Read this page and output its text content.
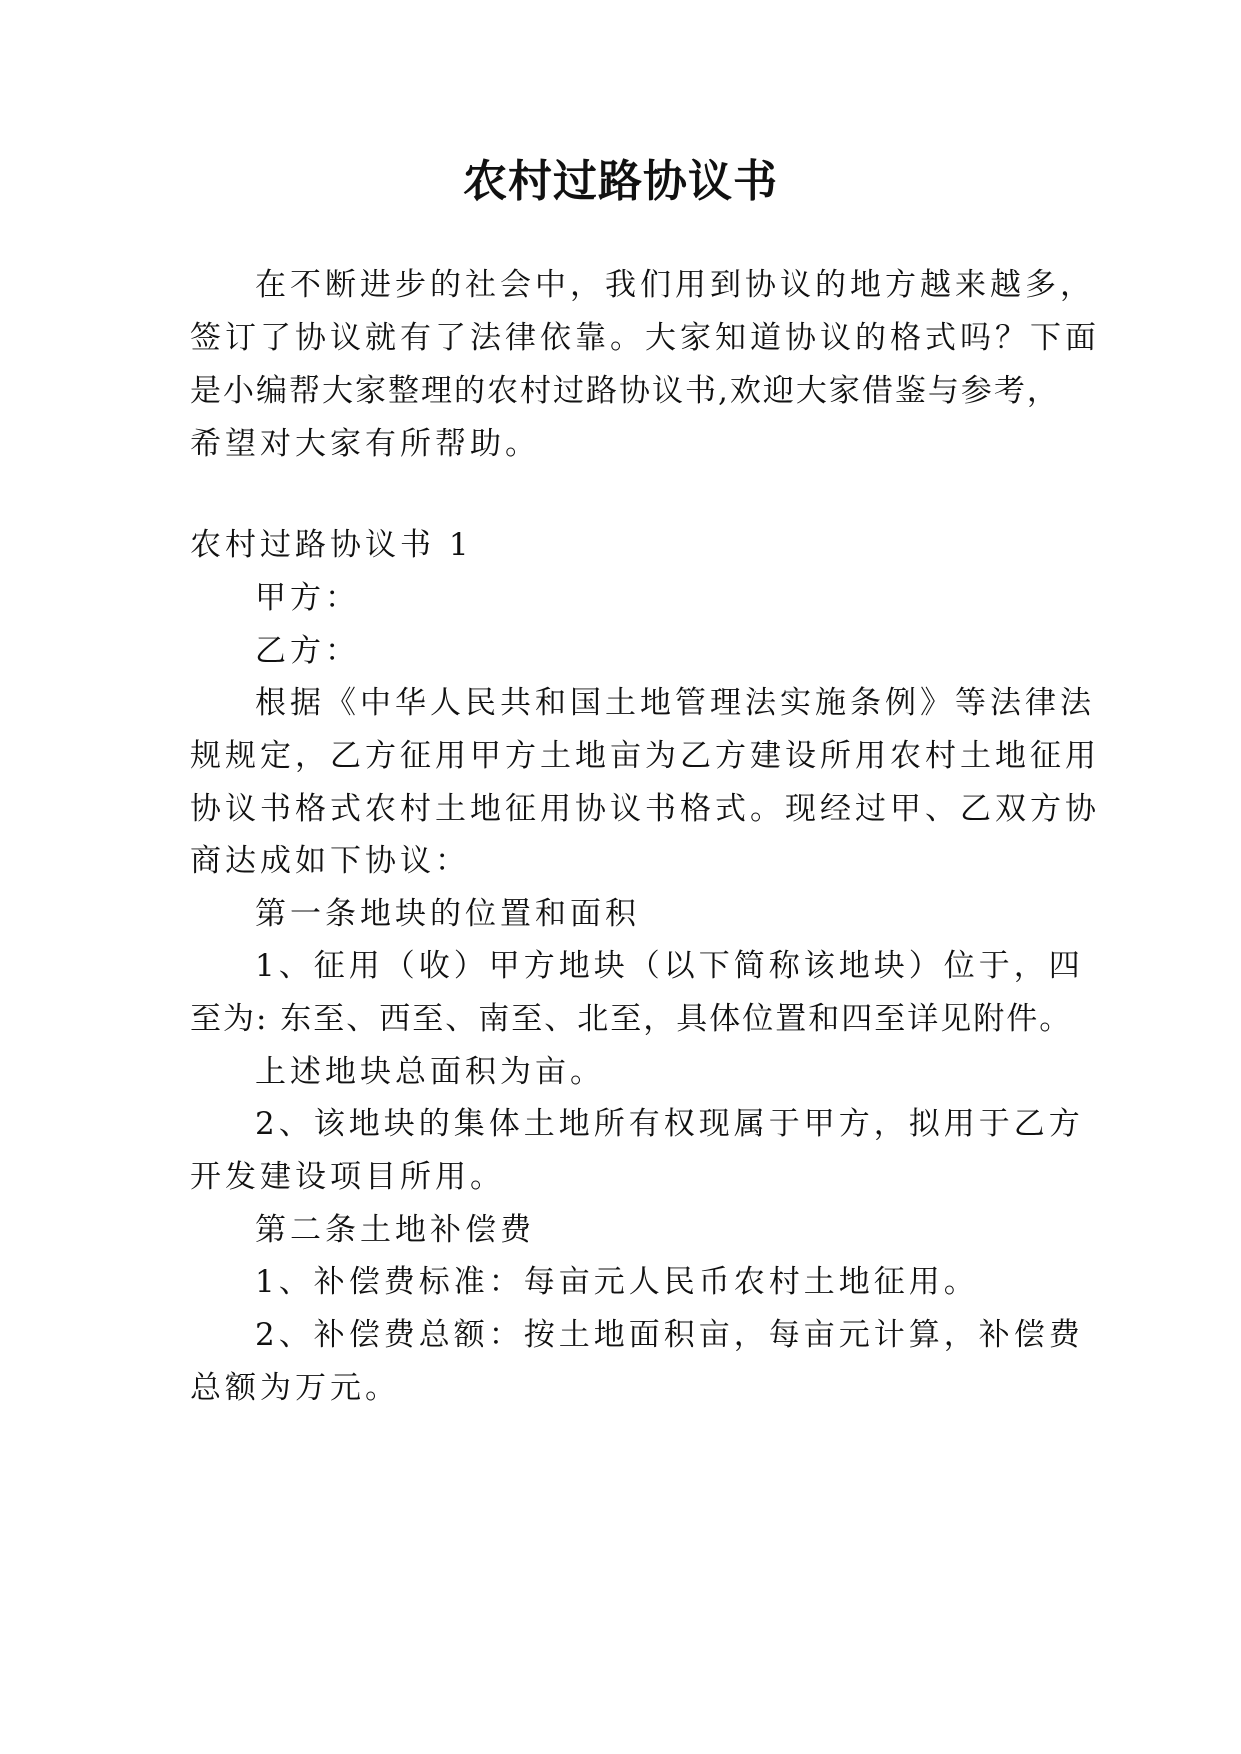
农村过路协议书

在不断进步的社会中，我们用到协议的地方越来越多，

签订了协议就有了法律依靠。大家知道协议的格式吗？下面

是小编帮大家整理的农村过路协议书,欢迎大家借鉴与参考，

希望对大家有所帮助。

农村过路协议书 1

甲方：

乙方：

根据《中华人民共和国土地管理法实施条例》等法律法

规规定，乙方征用甲方土地亩为乙方建设所用农村土地征用

协议书格式农村土地征用协议书格式。现经过甲、乙双方协

商达成如下协议：

第一条地块的位置和面积

1、征用（收）甲方地块（以下简称该地块）位于，四

至为: 东至、西至、南至、北至，具体位置和四至详见附件。

上述地块总面积为亩。

2、该地块的集体土地所有权现属于甲方，拟用于乙方

开发建设项目所用。

第二条土地补偿费

1、补偿费标准：每亩元人民币农村土地征用。

2、补偿费总额：按土地面积亩，每亩元计算，补偿费

总额为万元。
